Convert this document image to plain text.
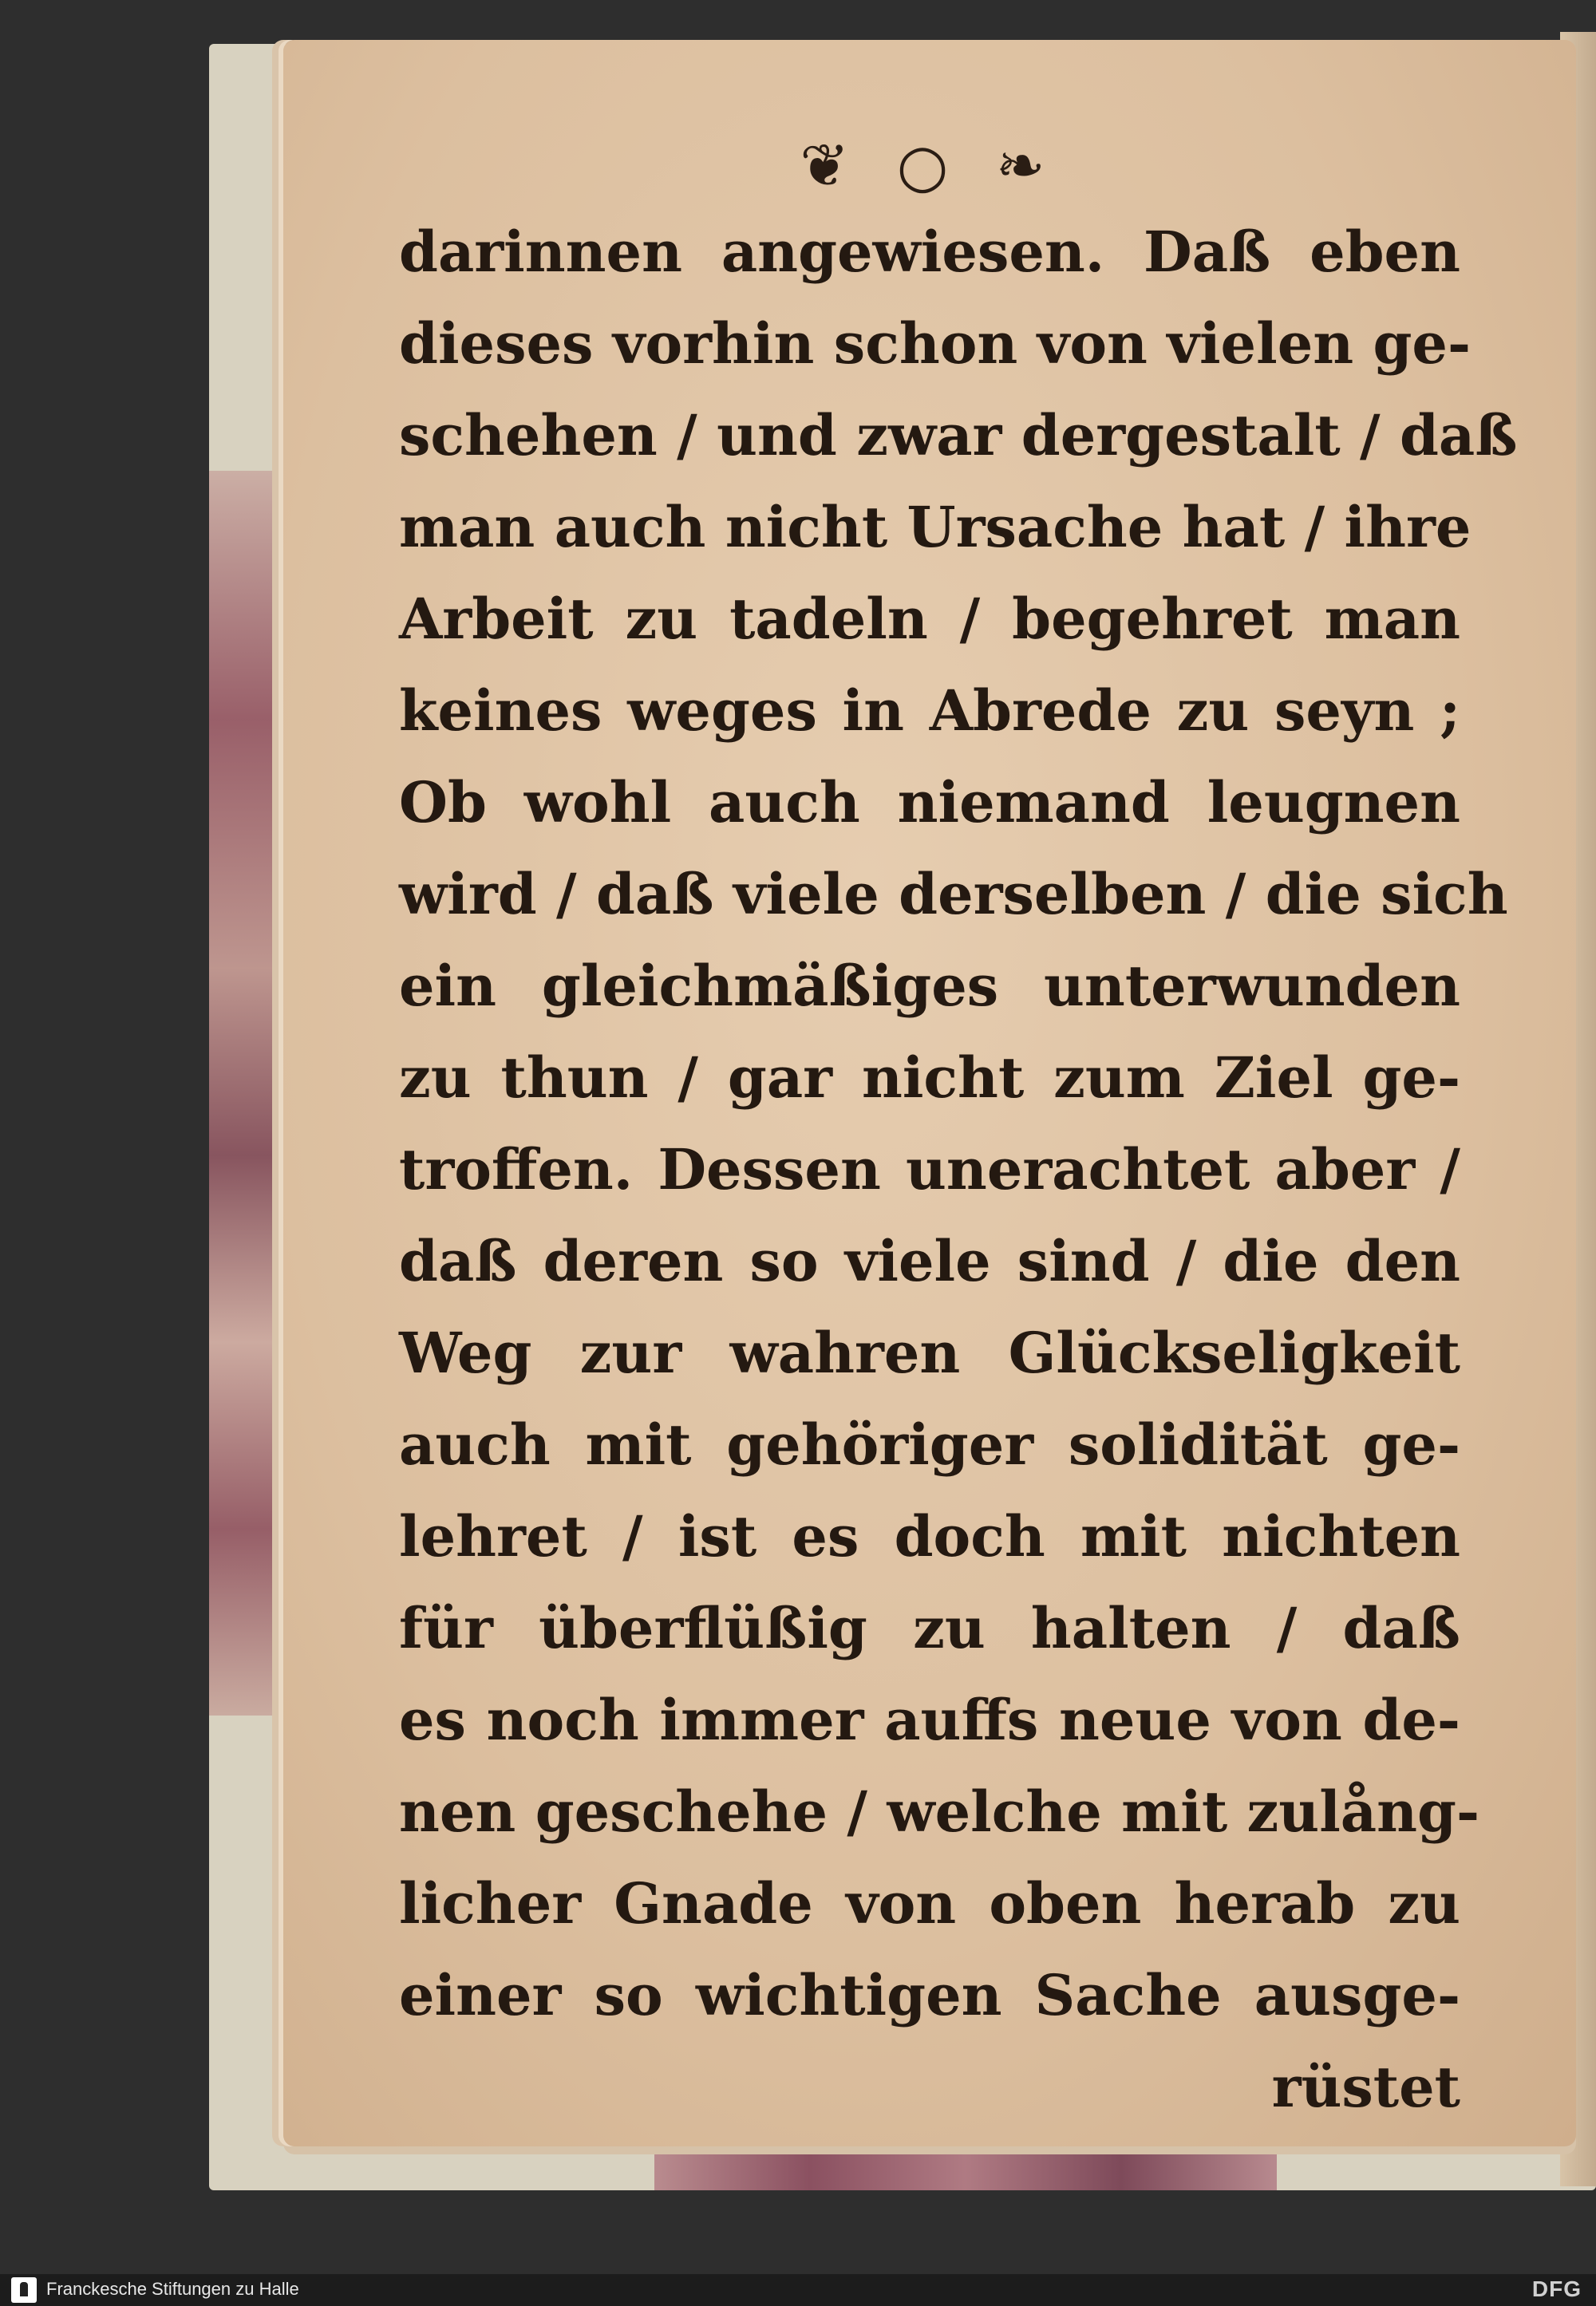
❦ ○ ❧
darinnen angewiesen. Daß eben
dieses vorhin schon von vielen ge-
schehen / und zwar dergestalt / daß
man auch nicht Ursache hat / ihre
Arbeit zu tadeln / begehret man
keines weges in Abrede zu seyn ;
Ob wohl auch niemand leugnen
wird / daß viele derselben / die sich
ein gleichmäßiges unterwunden
zu thun / gar nicht zum Ziel ge-
troffen. Dessen unerachtet aber /
daß deren so viele sind / die den
Weg zur wahren Glückseligkeit
auch mit gehöriger solidität ge-
lehret / ist es doch mit nichten
für überflüßig zu halten / daß
es noch immer auffs neue von de-
nen geschehe / welche mit zulång-
licher Gnade von oben herab zu
einer so wichtigen Sache ausge-
rüstet
Franckesche Stiftungen zu Halle	DFG
